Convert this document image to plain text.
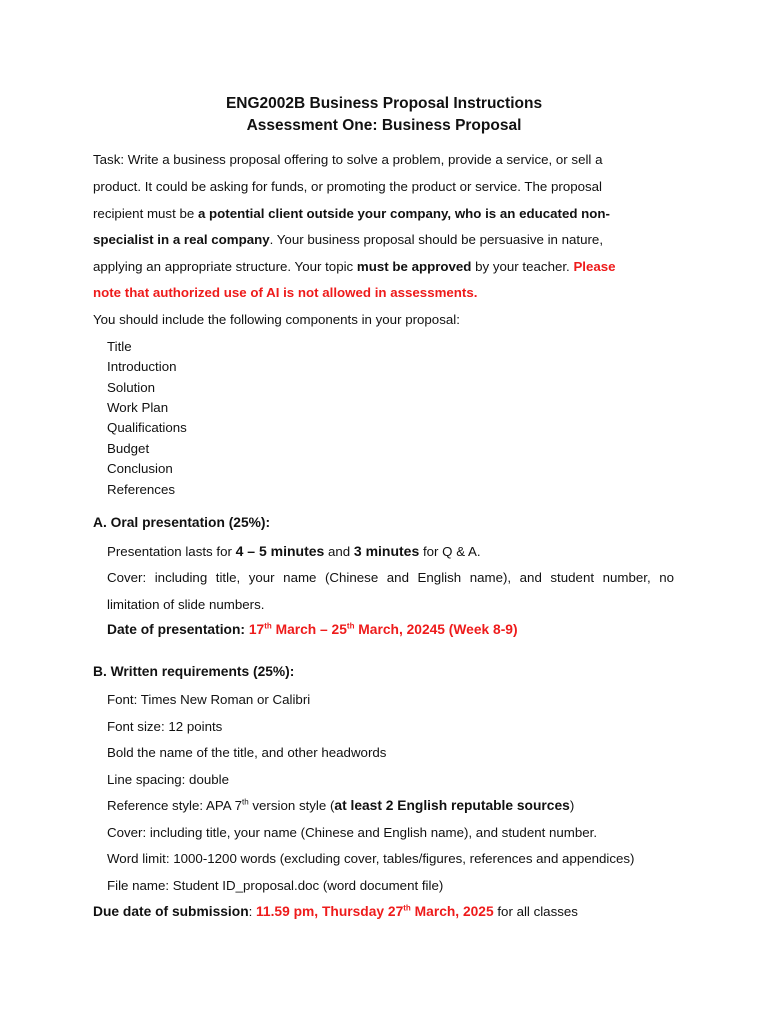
ENG2002B Business Proposal Instructions
Assessment One: Business Proposal
Task: Write a business proposal offering to solve a problem, provide a service, or sell a
product. It could be asking for funds, or promoting the product or service. The proposal
recipient must be a potential client outside your company, who is an educated non-
specialist in a real company. Your business proposal should be persuasive in nature,
applying an appropriate structure. Your topic must be approved by your teacher. Please
note that authorized use of AI is not allowed in assessments.
You should include the following components in your proposal:
Title
Introduction
Solution
Work Plan
Qualifications
Budget
Conclusion
References
A. Oral presentation (25%):
Presentation lasts for 4 – 5 minutes and 3 minutes for Q & A.
Cover: including title, your name (Chinese and English name), and student number, no
limitation of slide numbers.
Date of presentation: 17th March – 25th March, 20245 (Week 8-9)
B. Written requirements (25%):
Font: Times New Roman or Calibri
Font size: 12 points
Bold the name of the title, and other headwords
Line spacing: double
Reference style: APA 7th version style (at least 2 English reputable sources)
Cover: including title, your name (Chinese and English name), and student number.
Word limit: 1000-1200 words (excluding cover, tables/figures, references and appendices)
File name: Student ID_proposal.doc (word document file)
Due date of submission: 11.59 pm, Thursday 27th March, 2025 for all classes
